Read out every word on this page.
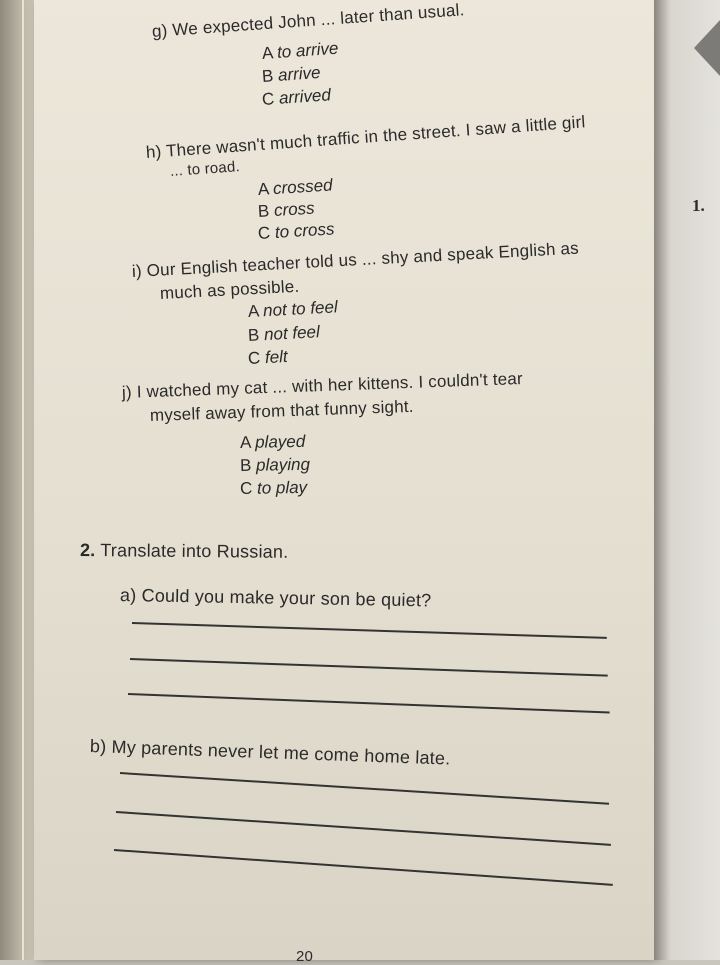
g) We expected John ... later than usual.
A to arrive
B arrive
C arrived
h) There wasn't much traffic in the street. I saw a little girl
... to road.
A crossed
B cross
C to cross
i) Our English teacher told us ... shy and speak English as
much as possible.
A not to feel
B not feel
C felt
j) I watched my cat ... with her kittens. I couldn't tear
myself away from that funny sight.
A played
B playing
C to play
2. Translate into Russian.
a) Could you make your son be quiet?
b) My parents never let me come home late.
20
1.
